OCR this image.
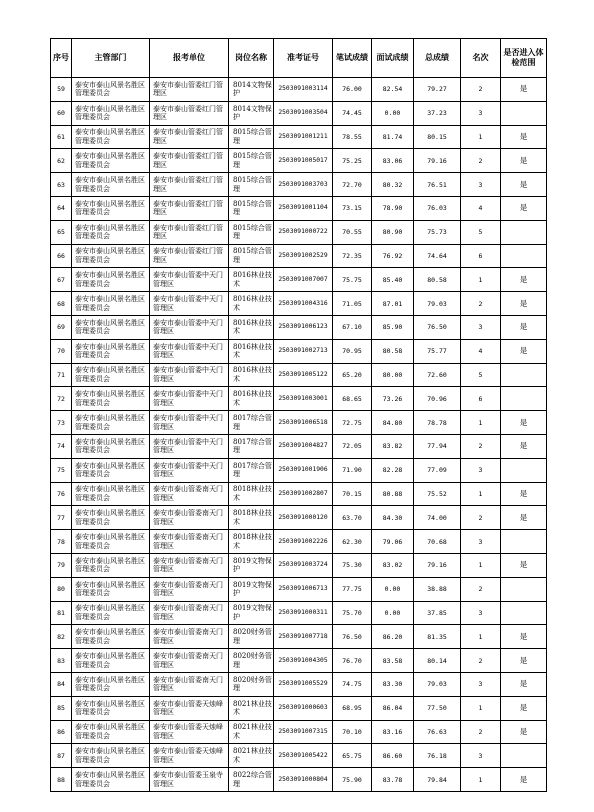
序号	主管部门	报考单位	岗位名称	准考证号	笔试成绩	面试成绩	总成绩	名次	是否进入体检范围
59	泰安市泰山风景名胜区管理委员会	泰安市泰山管委红门管理区	8014文物保护	2503091003114	76.00	82.54	79.27	2	是
60	泰安市泰山风景名胜区管理委员会	泰安市泰山管委红门管理区	8014文物保护	2503091003504	74.45	0.00	37.23	3	
61	泰安市泰山风景名胜区管理委员会	泰安市泰山管委红门管理区	8015综合管理	2503091001211	78.55	81.74	80.15	1	是
62	泰安市泰山风景名胜区管理委员会	泰安市泰山管委红门管理区	8015综合管理	2503091005017	75.25	83.06	79.16	2	是
63	泰安市泰山风景名胜区管理委员会	泰安市泰山管委红门管理区	8015综合管理	2503091003703	72.70	80.32	76.51	3	是
64	泰安市泰山风景名胜区管理委员会	泰安市泰山管委红门管理区	8015综合管理	2503091001104	73.15	78.90	76.03	4	是
65	泰安市泰山风景名胜区管理委员会	泰安市泰山管委红门管理区	8015综合管理	2503091000722	70.55	80.90	75.73	5	
66	泰安市泰山风景名胜区管理委员会	泰安市泰山管委红门管理区	8015综合管理	2503091002529	72.35	76.92	74.64	6	
67	泰安市泰山风景名胜区管理委员会	泰安市泰山管委中天门管理区	8016林业技术	2503091007007	75.75	85.40	80.58	1	是
68	泰安市泰山风景名胜区管理委员会	泰安市泰山管委中天门管理区	8016林业技术	2503091004316	71.05	87.01	79.03	2	是
69	泰安市泰山风景名胜区管理委员会	泰安市泰山管委中天门管理区	8016林业技术	2503091006123	67.10	85.90	76.50	3	是
70	泰安市泰山风景名胜区管理委员会	泰安市泰山管委中天门管理区	8016林业技术	2503091002713	70.95	80.58	75.77	4	是
71	泰安市泰山风景名胜区管理委员会	泰安市泰山管委中天门管理区	8016林业技术	2503091005122	65.20	80.00	72.60	5	
72	泰安市泰山风景名胜区管理委员会	泰安市泰山管委中天门管理区	8016林业技术	2503091003001	68.65	73.26	70.96	6	
73	泰安市泰山风景名胜区管理委员会	泰安市泰山管委中天门管理区	8017综合管理	2503091006518	72.75	84.80	78.78	1	是
74	泰安市泰山风景名胜区管理委员会	泰安市泰山管委中天门管理区	8017综合管理	2503091004827	72.05	83.82	77.94	2	是
75	泰安市泰山风景名胜区管理委员会	泰安市泰山管委中天门管理区	8017综合管理	2503091001906	71.90	82.28	77.09	3	
76	泰安市泰山风景名胜区管理委员会	泰安市泰山管委南天门管理区	8018林业技术	2503091002807	70.15	80.88	75.52	1	是
77	泰安市泰山风景名胜区管理委员会	泰安市泰山管委南天门管理区	8018林业技术	2503091000120	63.70	84.30	74.00	2	是
78	泰安市泰山风景名胜区管理委员会	泰安市泰山管委南天门管理区	8018林业技术	2503091002226	62.30	79.06	70.68	3	
79	泰安市泰山风景名胜区管理委员会	泰安市泰山管委南天门管理区	8019文物保护	2503091003724	75.30	83.02	79.16	1	是
80	泰安市泰山风景名胜区管理委员会	泰安市泰山管委南天门管理区	8019文物保护	2503091006713	77.75	0.00	38.88	2	
81	泰安市泰山风景名胜区管理委员会	泰安市泰山管委南天门管理区	8019文物保护	2503091000311	75.70	0.00	37.85	3	
82	泰安市泰山风景名胜区管理委员会	泰安市泰山管委南天门管理区	8020财务管理	2503091007718	76.50	86.20	81.35	1	是
83	泰安市泰山风景名胜区管理委员会	泰安市泰山管委南天门管理区	8020财务管理	2503091004305	76.70	83.58	80.14	2	是
84	泰安市泰山风景名胜区管理委员会	泰安市泰山管委南天门管理区	8020财务管理	2503091005529	74.75	83.30	79.03	3	是
85	泰安市泰山风景名胜区管理委员会	泰安市泰山管委天烛峰管理区	8021林业技术	2503091000603	68.95	86.04	77.50	1	是
86	泰安市泰山风景名胜区管理委员会	泰安市泰山管委天烛峰管理区	8021林业技术	2503091007315	70.10	83.16	76.63	2	是
87	泰安市泰山风景名胜区管理委员会	泰安市泰山管委天烛峰管理区	8021林业技术	2503091005422	65.75	86.60	76.18	3	
88	泰安市泰山风景名胜区管理委员会	泰安市泰山管委玉泉寺管理区	8022综合管理	2503091000804	75.90	83.78	79.84	1	是
